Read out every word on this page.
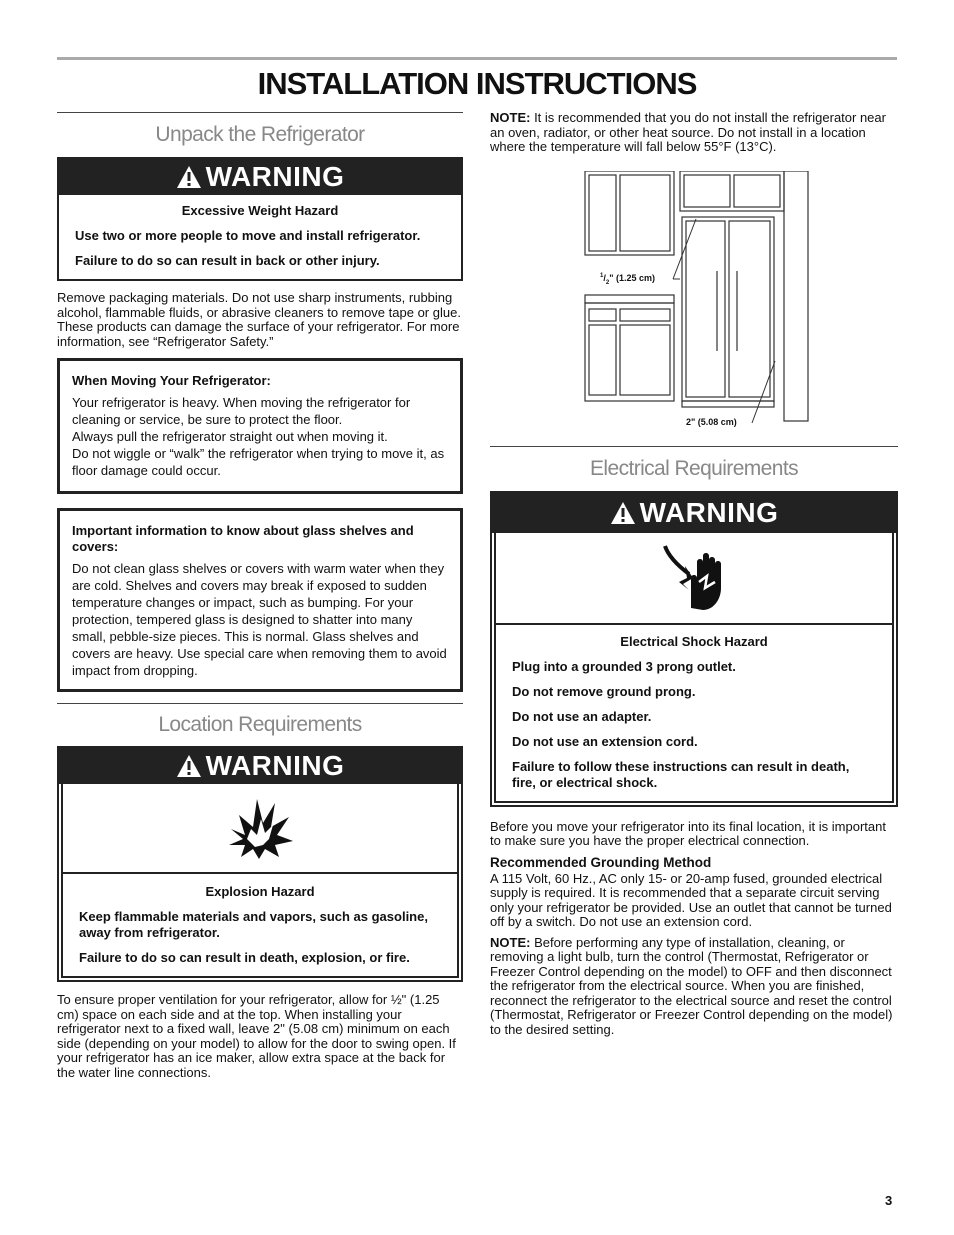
INSTALLATION INSTRUCTIONS
Unpack the Refrigerator
WARNING
Excessive Weight Hazard

Use two or more people to move and install refrigerator.

Failure to do so can result in back or other injury.

Remove packaging materials. Do not use sharp instruments, rubbing alcohol, flammable fluids, or abrasive cleaners to remove tape or glue. These products can damage the surface of your refrigerator. For more information, see “Refrigerator Safety.”

When Moving Your Refrigerator:

Your refrigerator is heavy. When moving the refrigerator for cleaning or service, be sure to protect the floor.

Always pull the refrigerator straight out when moving it.

Do not wiggle or “walk” the refrigerator when trying to move it, as floor damage could occur.

Important information to know about glass shelves and covers:

Do not clean glass shelves or covers with warm water when they are cold. Shelves and covers may break if exposed to sudden temperature changes or impact, such as bumping. For your protection, tempered glass is designed to shatter into many small, pebble-size pieces. This is normal. Glass shelves and covers are heavy. Use special care when removing them to avoid impact from dropping.

Location Requirements
WARNING
Explosion Hazard

Keep flammable materials and vapors, such as gasoline, away from refrigerator.

Failure to do so can result in death, explosion, or fire.

To ensure proper ventilation for your refrigerator, allow for ½" (1.25 cm) space on each side and at the top. When installing your refrigerator next to a fixed wall, leave 2" (5.08 cm) minimum on each side (depending on your model) to allow for the door to swing open. If your refrigerator has an ice maker, allow extra space at the back for the water line connections.

NOTE: It is recommended that you do not install the refrigerator near an oven, radiator, or other heat source. Do not install in a location where the temperature will fall below 55°F (13°C).

$^1/_2$" (1.25 cm)
2" (5.08 cm)
Electrical Requirements
WARNING
Electrical Shock Hazard

Plug into a grounded 3 prong outlet.

Do not remove ground prong.

Do not use an adapter.

Do not use an extension cord.

Failure to follow these instructions can result in death, fire, or electrical shock.

Before you move your refrigerator into its final location, it is important to make sure you have the proper electrical connection.

Recommended Grounding Method

A 115 Volt, 60 Hz., AC only 15- or 20-amp fused, grounded electrical supply is required. It is recommended that a separate circuit serving only your refrigerator be provided. Use an outlet that cannot be turned off by a switch. Do not use an extension cord.

NOTE: Before performing any type of installation, cleaning, or removing a light bulb, turn the control (Thermostat, Refrigerator or Freezer Control depending on the model) to OFF and then disconnect the refrigerator from the electrical source. When you are finished, reconnect the refrigerator to the electrical source and reset the control (Thermostat, Refrigerator or Freezer Control depending on the model) to the desired setting.

3
